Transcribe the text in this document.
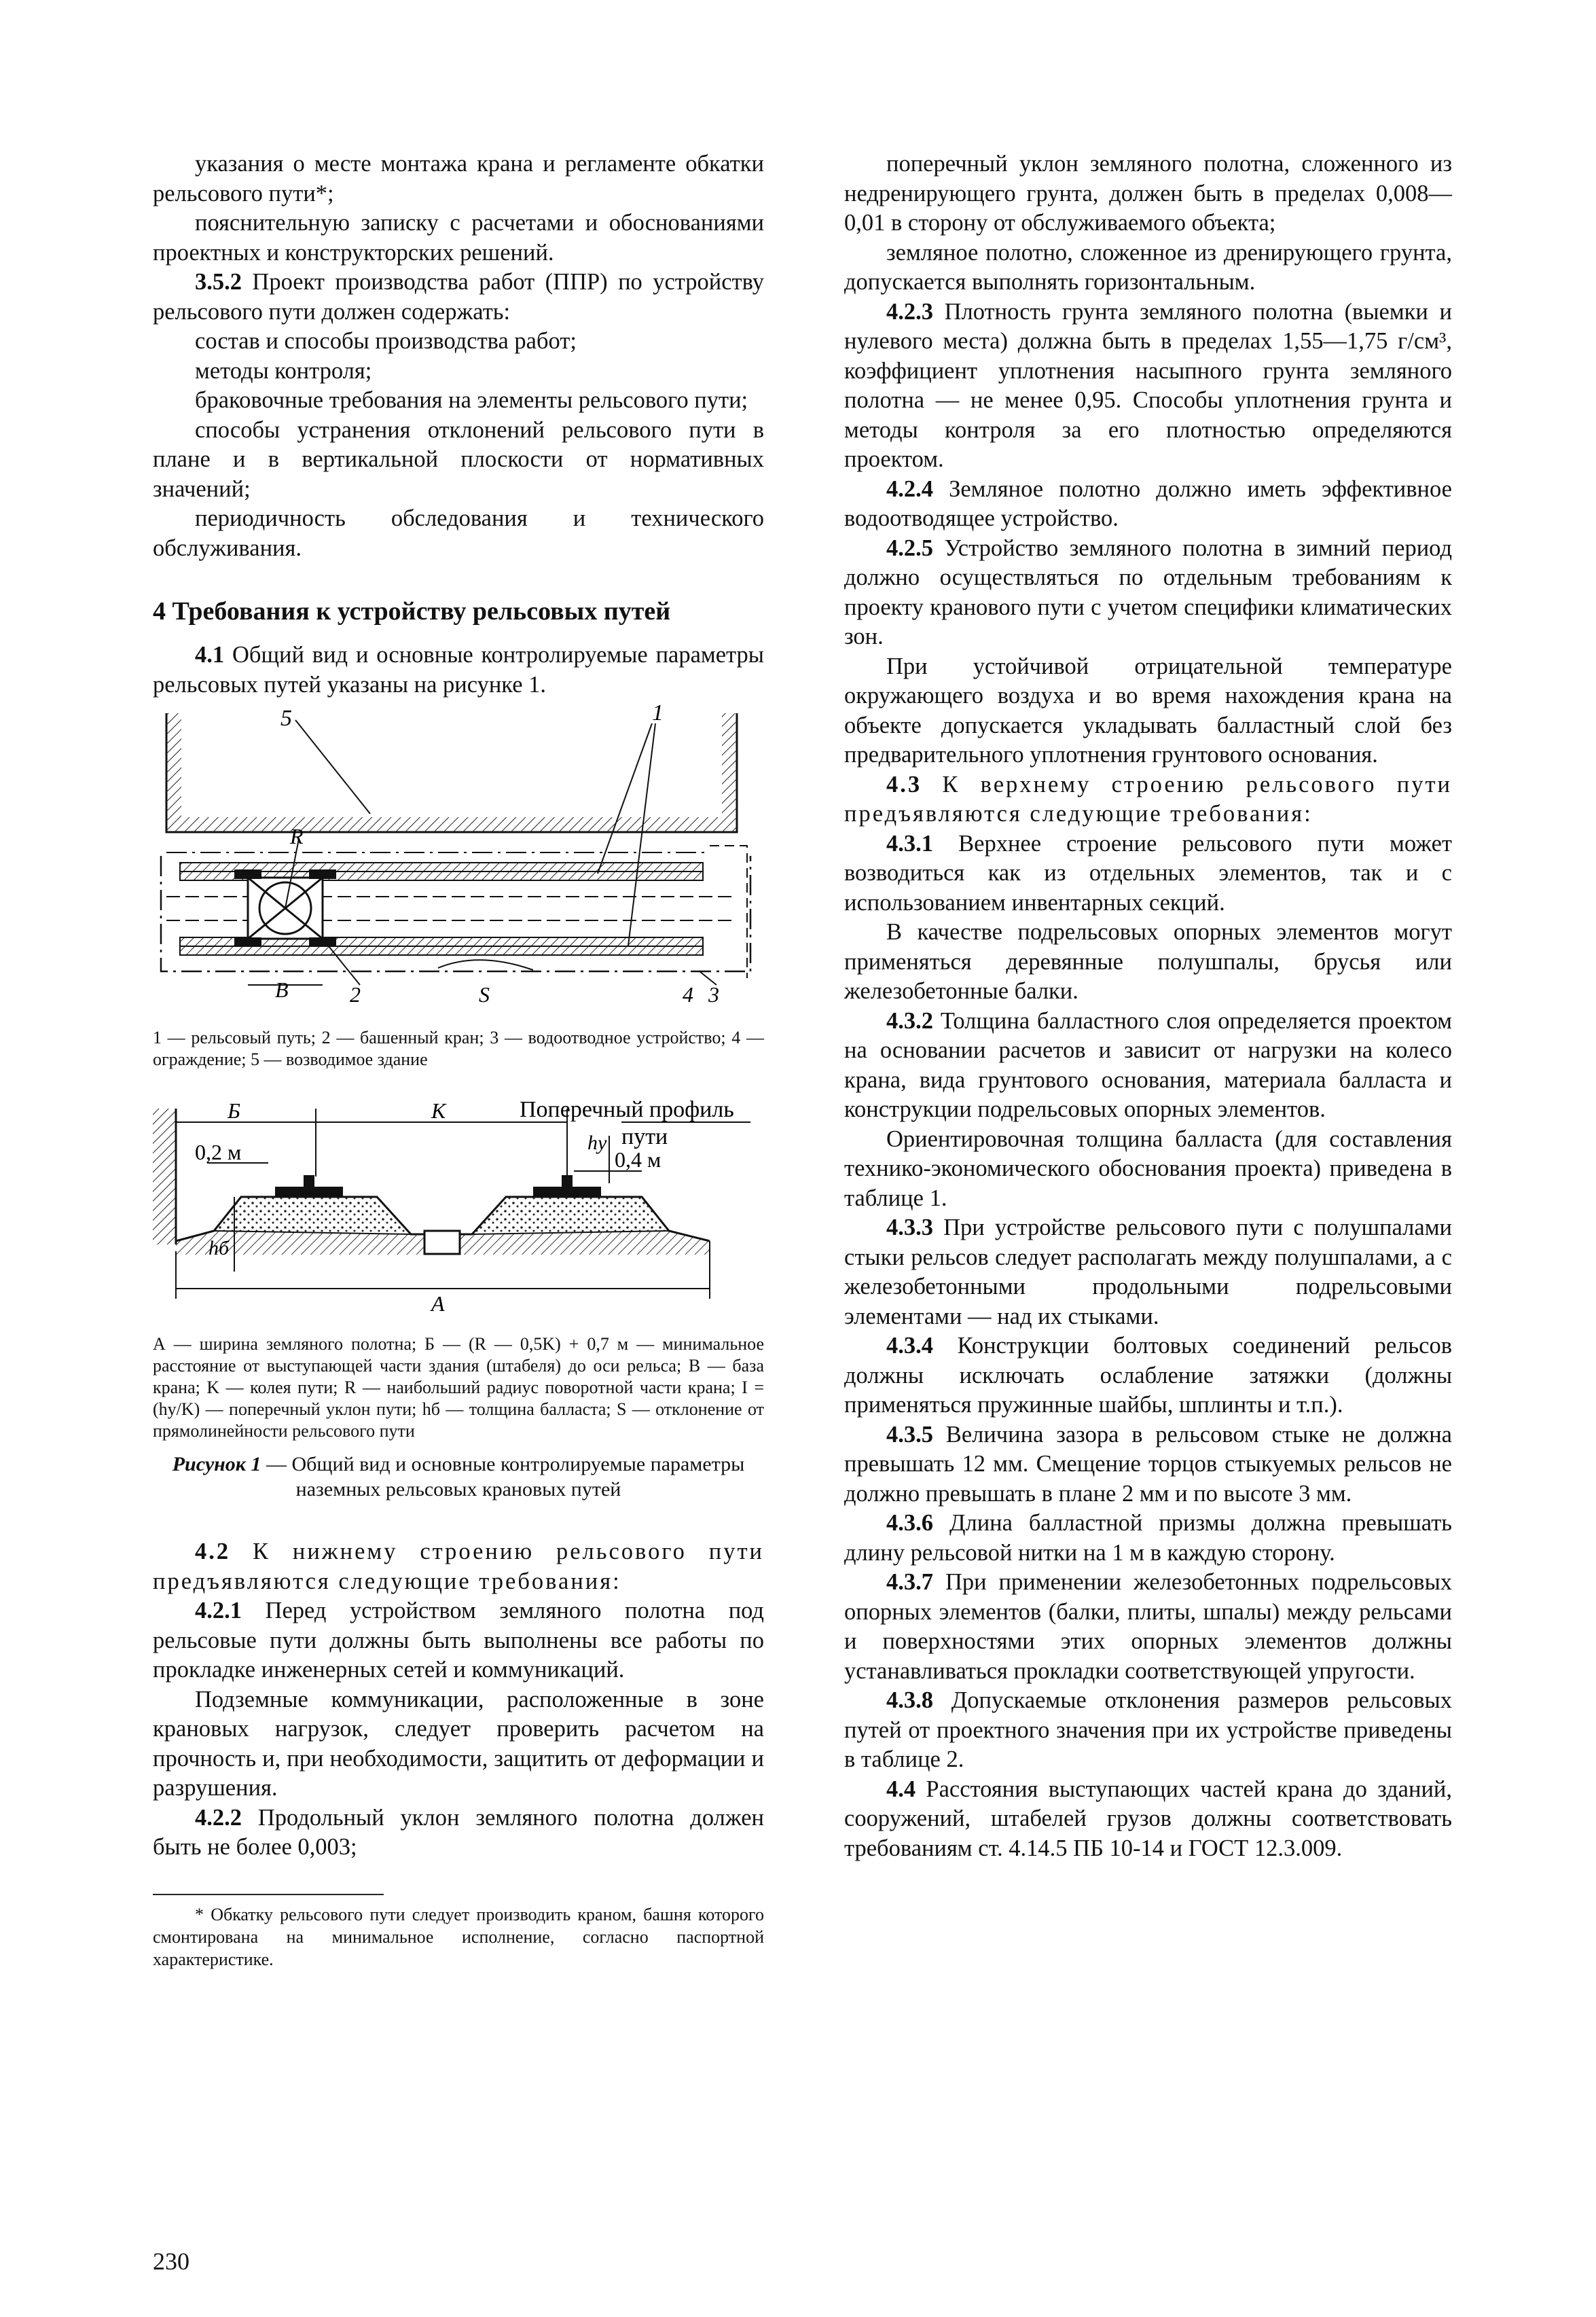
указания о месте монтажа крана и регламенте обкатки рельсового пути*;

пояснительную записку с расчетами и обоснованиями проектных и конструкторских решений.

3.5.2 Проект производства работ (ППР) по устройству рельсового пути должен содержать:

состав и способы производства работ;

методы контроля;

браковочные требования на элементы рельсового пути;

способы устранения отклонений рельсового пути в плане и в вертикальной плоскости от нормативных значений;

периодичность обследования и технического обслуживания.

4 Требования к устройству рельсовых путей

4.1 Общий вид и основные контролируемые параметры рельсовых путей указаны на рисунке 1.

5	1
R
В	2	S	4 3
1 — рельсовый путь; 2 — башенный кран; 3 — водоотводное устройство; 4 — ограждение; 5 — возводимое здание
Б	K
0,2 м	0,4 м
hу
hб
А
Поперечный профиль
пути
А — ширина земляного полотна; Б — (R — 0,5K) + 0,7 м — минимальное расстояние от выступающей части здания (штабеля) до оси рельса; В — база крана; K — колея пути; R — наибольший радиус поворотной части крана; I =(hу/K) — поперечный уклон пути; hб — толщина балласта; S — отклонение от прямолинейности рельсового пути
Рисунок 1 — Общий вид и основные контролируемые параметры наземных рельсовых крановых путей

4.2 К нижнему строению рельсового пути предъявляются следующие требования:

4.2.1 Перед устройством земляного полотна под рельсовые пути должны быть выполнены все работы по прокладке инженерных сетей и коммуникаций.

Подземные коммуникации, расположенные в зоне крановых нагрузок, следует проверить расчетом на прочность и, при необходимости, защитить от деформации и разрушения.

4.2.2 Продольный уклон земляного полотна должен быть не более 0,003;

* Обкатку рельсового пути следует производить краном, башня которого смонтирована на минимальное исполнение, согласно паспортной характеристике.

поперечный уклон земляного полотна, сложенного из недренирующего грунта, должен быть в пределах 0,008—0,01 в сторону от обслуживаемого объекта;

земляное полотно, сложенное из дренирующего грунта, допускается выполнять горизонтальным.

4.2.3 Плотность грунта земляного полотна (выемки и нулевого места) должна быть в пределах 1,55—1,75 г/см³, коэффициент уплотнения насыпного грунта земляного полотна — не менее 0,95. Способы уплотнения грунта и методы контроля за его плотностью определяются проектом.

4.2.4 Земляное полотно должно иметь эффективное водоотводящее устройство.

4.2.5 Устройство земляного полотна в зимний период должно осуществляться по отдельным требованиям к проекту кранового пути с учетом специфики климатических зон.

При устойчивой отрицательной температуре окружающего воздуха и во время нахождения крана на объекте допускается укладывать балластный слой без предварительного уплотнения грунтового основания.

4.3 К верхнему строению рельсового пути предъявляются следующие требования:

4.3.1 Верхнее строение рельсового пути может возводиться как из отдельных элементов, так и с использованием инвентарных секций.

В качестве подрельсовых опорных элементов могут применяться деревянные полушпалы, брусья или железобетонные балки.

4.3.2 Толщина балластного слоя определяется проектом на основании расчетов и зависит от нагрузки на колесо крана, вида грунтового основания, материала балласта и конструкции подрельсовых опорных элементов.

Ориентировочная толщина балласта (для составления технико-экономического обоснования проекта) приведена в таблице 1.

4.3.3 При устройстве рельсового пути с полушпалами стыки рельсов следует располагать между полушпалами, а с железобетонными продольными подрельсовыми элементами — над их стыками.

4.3.4 Конструкции болтовых соединений рельсов должны исключать ослабление затяжки (должны применяться пружинные шайбы, шплинты и т.п.).

4.3.5 Величина зазора в рельсовом стыке не должна превышать 12 мм. Смещение торцов стыкуемых рельсов не должно превышать в плане 2 мм и по высоте 3 мм.

4.3.6 Длина балластной призмы должна превышать длину рельсовой нитки на 1 м в каждую сторону.

4.3.7 При применении железобетонных подрельсовых опорных элементов (балки, плиты, шпалы) между рельсами и поверхностями этих опорных элементов должны устанавливаться прокладки соответствующей упругости.

4.3.8 Допускаемые отклонения размеров рельсовых путей от проектного значения при их устройстве приведены в таблице 2.

4.4 Расстояния выступающих частей крана до зданий, сооружений, штабелей грузов должны соответствовать требованиям ст. 4.14.5 ПБ 10-14 и ГОСТ 12.3.009.

230
